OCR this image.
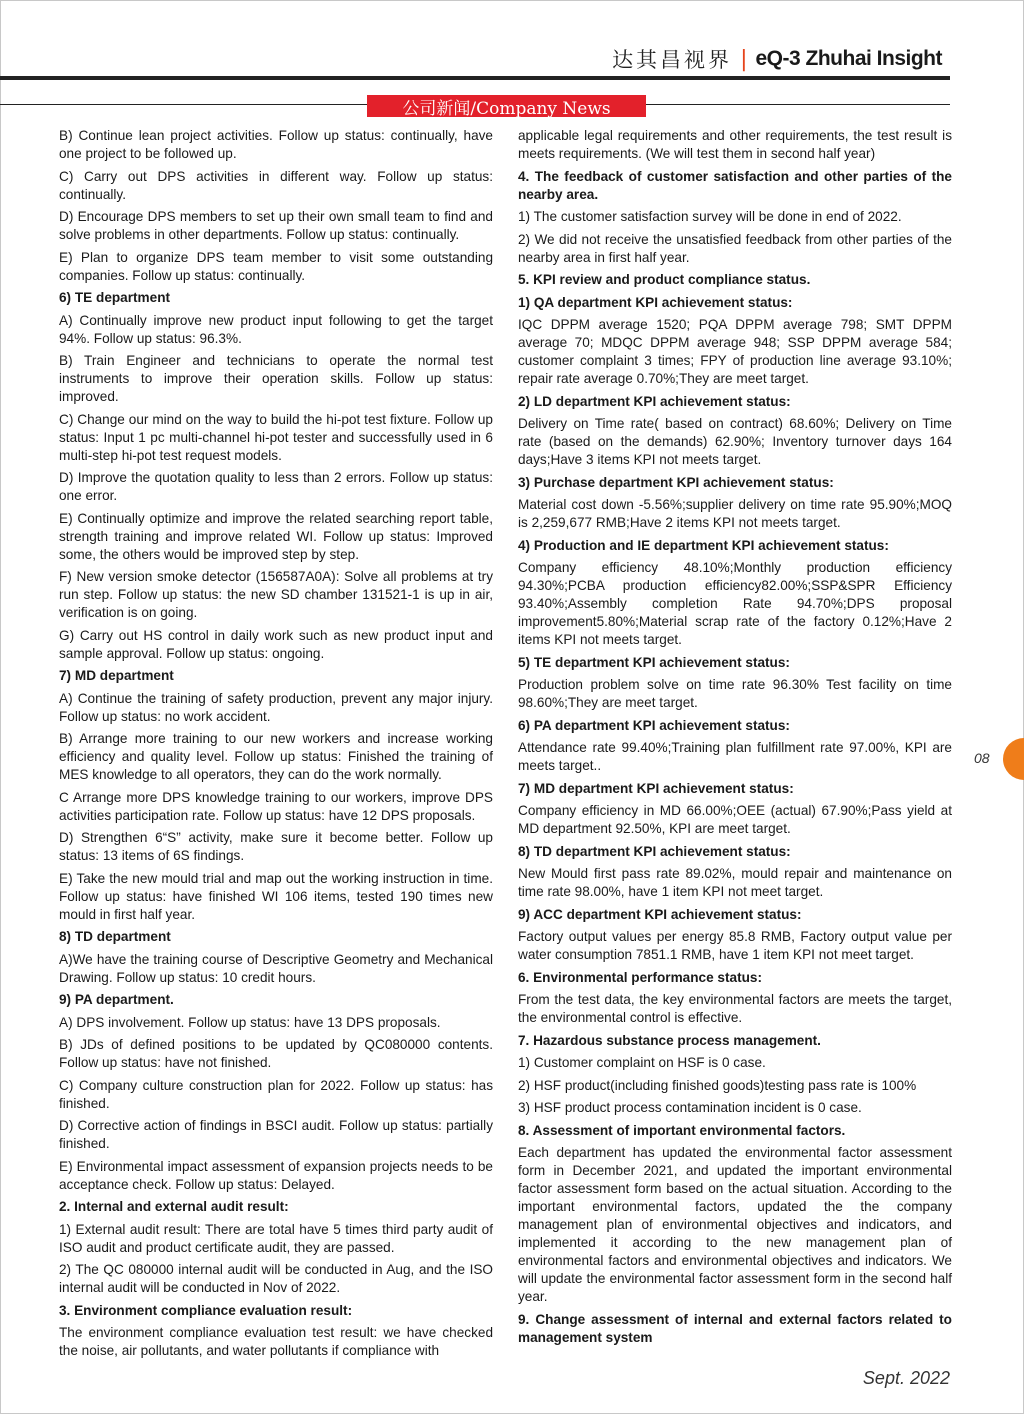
达其昌视界 | eQ-3 Zhuhai Insight
公司新闻/Company News

B) Continue lean project activities. Follow up status: continually, have one project to be followed up.

C) Carry out DPS activities in different way. Follow up status: continually.

D) Encourage DPS members to set up their own small team to find and solve problems in other departments. Follow up status: continually.

E) Plan to organize DPS team member to visit some outstanding companies. Follow up status: continually.

6) TE department

A) Continually improve new product input following to get the target 94%. Follow up status: 96.3%.

B) Train Engineer and technicians to operate the normal test instruments to improve their operation skills. Follow up status: improved.

C) Change our mind on the way to build the hi-pot test fixture. Follow up status: Input 1 pc multi-channel hi-pot tester and successfully used in 6 multi-step hi-pot test request models.

D) Improve the quotation quality to less than 2 errors. Follow up status: one error.

E) Continually optimize and improve the related searching report table, strength training and improve related WI. Follow up status: Improved some, the others would be improved step by step.

F) New version smoke detector (156587A0A): Solve all problems at try run step. Follow up status: the new SD chamber 131521-1 is up in air, verification is on going.

G) Carry out HS control in daily work such as new product input and sample approval. Follow up status: ongoing.

7) MD department

A) Continue the training of safety production, prevent any major injury. Follow up status: no work accident.

B) Arrange more training to our new workers and increase working efficiency and quality level. Follow up status: Finished the training of MES knowledge to all operators, they can do the work normally.

C Arrange more DPS knowledge training to our workers, improve DPS activities participation rate. Follow up status: have 12 DPS proposals.

D) Strengthen 6“S” activity, make sure it become better. Follow up status: 13 items of 6S findings.

E) Take the new mould trial and map out the working instruction in time. Follow up status: have finished WI 106 items, tested 190 times new mould in first half year.

8) TD department

A)We have the training course of Descriptive Geometry and Mechanical Drawing. Follow up status: 10 credit hours.

9) PA department.

A) DPS involvement. Follow up status: have 13 DPS proposals.

B) JDs of defined positions to be updated by QC080000 contents. Follow up status: have not finished.

C) Company culture construction plan for 2022. Follow up status: has finished.

D) Corrective action of findings in BSCI audit. Follow up status: partially finished.

E) Environmental impact assessment of expansion projects needs to be acceptance check. Follow up status: Delayed.

2. Internal and external audit result:

1) External audit result: There are total have 5 times third party audit of ISO audit and product certificate audit, they are passed.

2) The QC 080000 internal audit will be conducted in Aug, and the ISO internal audit will be conducted in Nov of 2022.

3. Environment compliance evaluation result:

The environment compliance evaluation test result: we have checked the noise, air pollutants, and water pollutants if compliance with

applicable legal requirements and other requirements, the test result is meets requirements. (We will test them in second half year)

4. The feedback of customer satisfaction and other parties of the nearby area.

1) The customer satisfaction survey will be done in end of 2022.

2) We did not receive the unsatisfied feedback from other parties of the nearby area in first half year.

5. KPI review and product compliance status.

1) QA department KPI achievement status:

IQC DPPM average 1520; PQA DPPM average 798; SMT DPPM average 70; MDQC DPPM average 948; SSP DPPM average 584; customer complaint 3 times; FPY of production line average 93.10%; repair rate average 0.70%;They are meet target.

2) LD department KPI achievement status:

Delivery on Time rate( based on contract) 68.60%; Delivery on Time rate (based on the demands) 62.90%; Inventory turnover days 164 days;Have 3 items KPI not meets target.

3) Purchase department KPI achievement status:

Material cost down -5.56%;supplier delivery on time rate 95.90%;MOQ is 2,259,677 RMB;Have 2 items KPI not meets target.

4) Production and IE department KPI achievement status:

Company efficiency 48.10%;Monthly production efficiency 94.30%;PCBA production efficiency82.00%;SSP&SPR Efficiency 93.40%;Assembly completion Rate 94.70%;DPS proposal improvement5.80%;Material scrap rate of the factory 0.12%;Have 2 items KPI not meets target.

5) TE department KPI achievement status:

Production problem solve on time rate 96.30% Test facility on time 98.60%;They are meet target.

6) PA department KPI achievement status:

Attendance rate 99.40%;Training plan fulfillment rate 97.00%, KPI are meets target..

7) MD department KPI achievement status:

Company efficiency in MD 66.00%;OEE (actual) 67.90%;Pass yield at MD department 92.50%, KPI are meet target.

8) TD department KPI achievement status:

New Mould first pass rate 89.02%, mould repair and maintenance on time rate 98.00%, have 1 item KPI not meet target.

9) ACC department KPI achievement status:

Factory output values per energy 85.8 RMB, Factory output value per water consumption 7851.1 RMB, have 1 item KPI not meet target.

6. Environmental performance status:

From the test data, the key environmental factors are meets the target, the environmental control is effective.

7. Hazardous substance process management.

1) Customer complaint on HSF is 0 case.

2) HSF product(including finished goods)testing pass rate is 100%

3) HSF product process contamination incident is 0 case.

8. Assessment of important environmental factors.

Each department has updated the environmental factor assessment form in December 2021, and updated the important environmental factor assessment form based on the actual situation. According to the important environmental factors, updated the the company management plan of environmental objectives and indicators, and implemented it according to the new management plan of environmental factors and environmental objectives and indicators. We will update the environmental factor assessment form in the second half year.

9. Change assessment of internal and external factors related to management system

08
Sept. 2022
